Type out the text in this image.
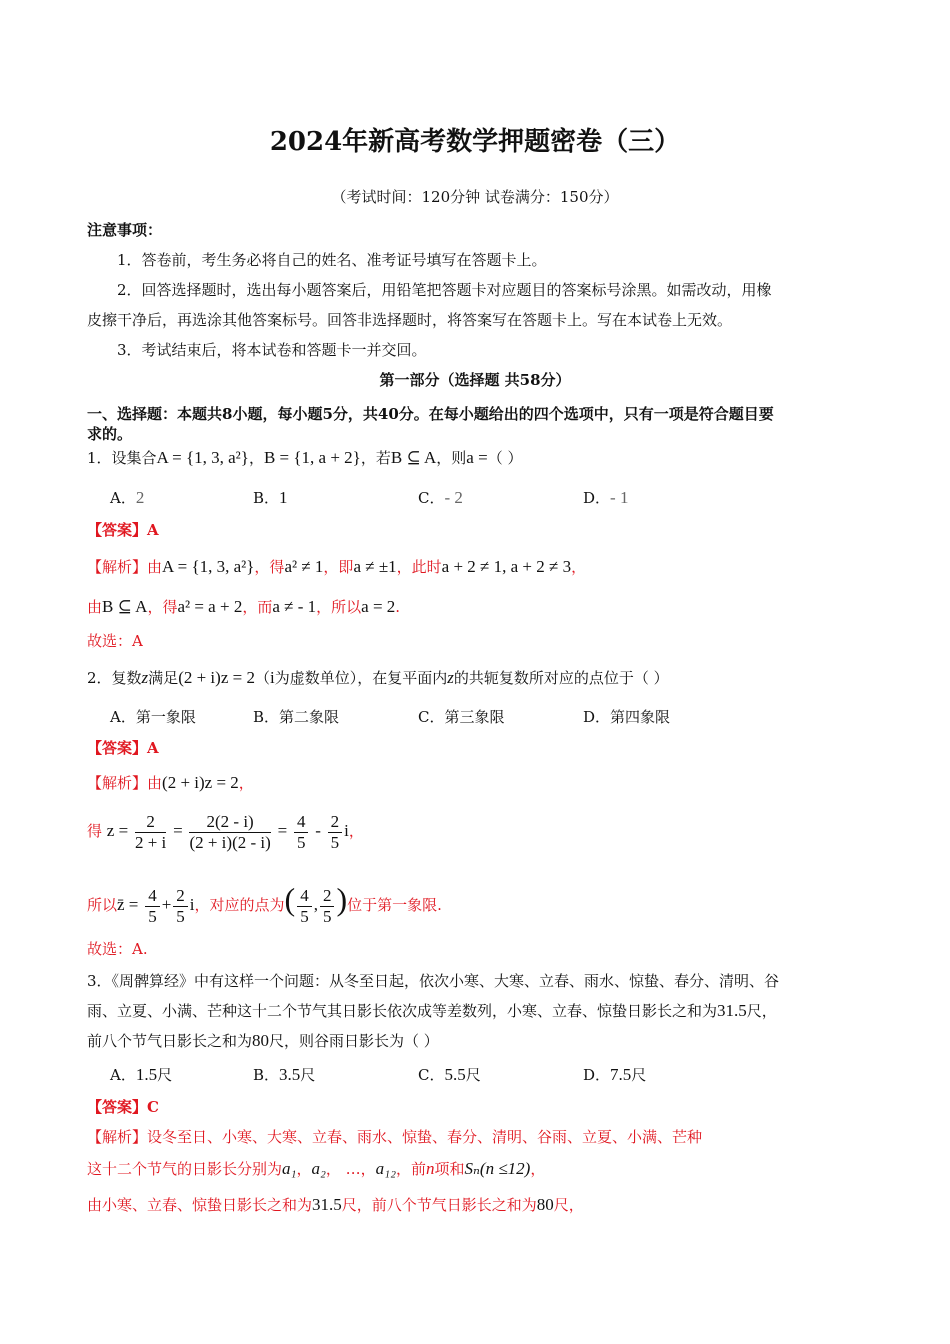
2024年新高考数学押题密卷（三）
（考试时间：120分钟 试卷满分：150分）
注意事项：
1．答卷前，考生务必将自己的姓名、准考证号填写在答题卡上。
2．回答选择题时，选出每小题答案后，用铅笔把答题卡对应题目的答案标号涂黑。如需改动，用橡
皮擦干净后，再选涂其他答案标号。回答非选择题时，将答案写在答题卡上。写在本试卷上无效。
3．考试结束后，将本试卷和答题卡一并交回。
第一部分（选择题 共58分）
一、选择题：本题共8小题，每小题5分，共40分。在每小题给出的四个选项中，只有一项是符合题目要
求的。
1．设集合A = {1, 3, a²}，B = {1, a + 2}，若B ⊆ A，则a =（ ）
A．2	B．1	C．- 2	D．- 1
【答案】A
【解析】由A = {1, 3, a²}，得a² ≠ 1，即a ≠ ±1，此时a + 2 ≠ 1, a + 2 ≠ 3，
由B ⊆ A，得a² = a + 2，而a ≠ - 1，所以a = 2.
故选：A
2．复数z满足(2 + i)z = 2（i为虚数单位），在复平面内z的共轭复数所对应的点位于（ ）
A．第一象限	B．第二象限	C．第三象限	D．第四象限
【答案】A
【解析】由(2 + i)z = 2，
得 $z = \frac{2}{2 + i} = \frac{2(2 - i)}{(2 + i)(2 - i)} = \frac{4}{5} - \frac{2}{5}$ i，
所以z̄ = $\frac{4}{5} + \frac{2}{5}$ i，对应的点为( $\frac{4}{5}$ , $\frac{2}{5}$ )位于第一象限.
故选：A.
3．《周髀算经》中有这样一个问题：从冬至日起，依次小寒、大寒、立春、雨水、惊蛰、春分、清明、谷
雨、立夏、小满、芒种这十二个节气其日影长依次成等差数列，小寒、立春、惊蛰日影长之和为31.5尺，
前八个节气日影长之和为80尺，则谷雨日影长为（ ）
A．1.5尺	B．3.5尺	C．5.5尺	D．7.5尺
【答案】C
【解析】设冬至日、小寒、大寒、立春、雨水、惊蛰、春分、清明、谷雨、立夏、小满、芒种
这十二个节气的日影长分别为a₁，a₂， …，a₁₂，前n项和Sₙ(n ≤12)，
由小寒、立春、惊蛰日影长之和为31.5尺，前八个节气日影长之和为80尺，
